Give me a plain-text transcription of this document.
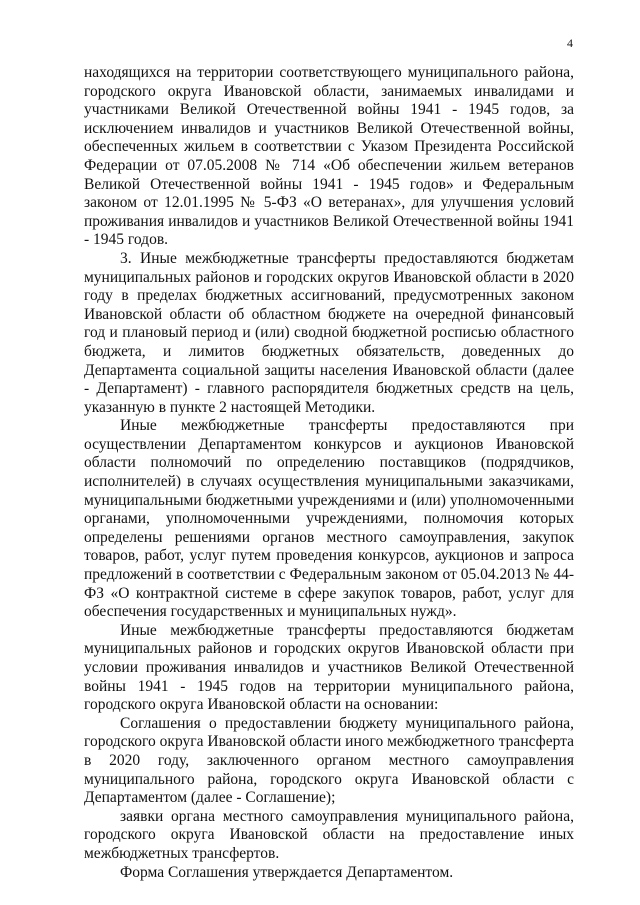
4

находящихся на территории соответствующего муниципального района, городского округа Ивановской области, занимаемых инвалидами и участниками Великой Отечественной войны 1941 - 1945 годов, за исключением инвалидов и участников Великой Отечественной войны, обеспеченных жильем в соответствии с Указом Президента Российской Федерации от 07.05.2008 № 714 «Об обеспечении жильем ветеранов Великой Отечественной войны 1941 - 1945 годов» и Федеральным законом от 12.01.1995 № 5-ФЗ «О ветеранах», для улучшения условий проживания инвалидов и участников Великой Отечественной войны 1941 - 1945 годов.

3. Иные межбюджетные трансферты предоставляются бюджетам муниципальных районов и городских округов Ивановской области в 2020 году в пределах бюджетных ассигнований, предусмотренных законом Ивановской области об областном бюджете на очередной финансовый год и плановый период и (или) сводной бюджетной росписью областного бюджета, и лимитов бюджетных обязательств, доведенных до Департамента социальной защиты населения Ивановской области (далее - Департамент) - главного распорядителя бюджетных средств на цель, указанную в пункте 2 настоящей Методики.

Иные межбюджетные трансферты предоставляются при осуществлении Департаментом конкурсов и аукционов Ивановской области полномочий по определению поставщиков (подрядчиков, исполнителей) в случаях осуществления муниципальными заказчиками, муниципальными бюджетными учреждениями и (или) уполномоченными органами, уполномоченными учреждениями, полномочия которых определены решениями органов местного самоуправления, закупок товаров, работ, услуг путем проведения конкурсов, аукционов и запроса предложений в соответствии с Федеральным законом от 05.04.2013 № 44-ФЗ «О контрактной системе в сфере закупок товаров, работ, услуг для обеспечения государственных и муниципальных нужд».

Иные межбюджетные трансферты предоставляются бюджетам муниципальных районов и городских округов Ивановской области при условии проживания инвалидов и участников Великой Отечественной войны 1941 - 1945 годов на территории муниципального района, городского округа Ивановской области на основании:

Соглашения о предоставлении бюджету муниципального района, городского округа Ивановской области иного межбюджетного трансферта в 2020 году, заключенного органом местного самоуправления муниципального района, городского округа Ивановской области с Департаментом (далее - Соглашение);

заявки органа местного самоуправления муниципального района, городского округа Ивановской области на предоставление иных межбюджетных трансфертов.

Форма Соглашения утверждается Департаментом.
